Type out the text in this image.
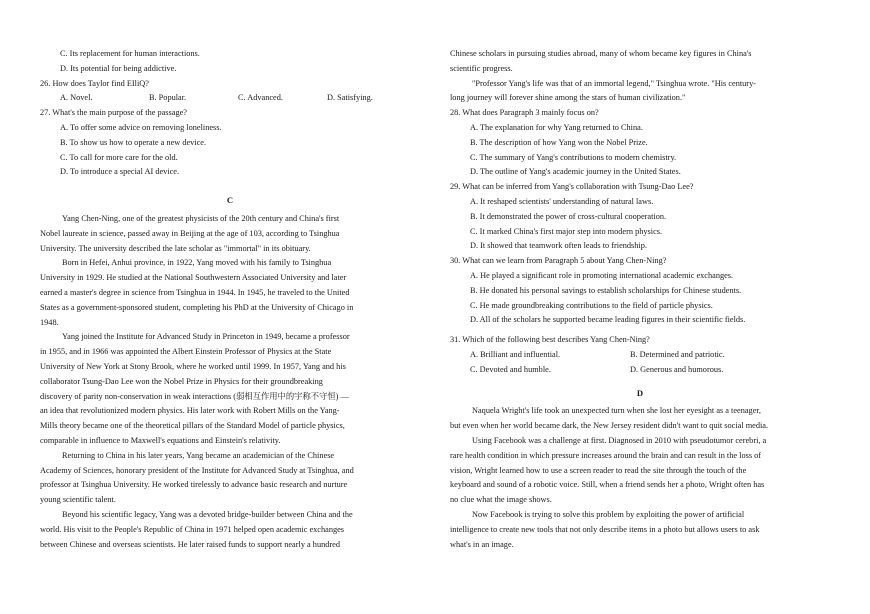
C. Its replacement for human interactions.
D. Its potential for being addictive.
26. How does Taylor find EIliQ?
A. Novel.	B. Popular.	C. Advanced.	D. Satisfying.
27. What's the main purpose of the passage?
A. To offer some advice on removing loneliness.
B. To show us how to operate a new device.
C. To call for more care for the old.
D. To introduce a special AI device.
C
Yang Chen-Ning, one of the greatest physicists of the 20th century and China's first
Nobel laureate in science, passed away in Beijing at the age of 103, according to Tsinghua
University. The university described the late scholar as "immortal" in its obituary.
Born in Hefei, Anhui province, in 1922, Yang moved with his family to Tsinghua
University in 1929. He studied at the National Southwestern Associated University and later
earned a master's degree in science from Tsinghua in 1944. In 1945, he traveled to the United
States as a government-sponsored student, completing his PhD at the University of Chicago in
1948.
Yang joined the Institute for Advanced Study in Princeton in 1949, became a professor
in 1955, and in 1966 was appointed the Albert Einstein Professor of Physics at the State
University of New York at Stony Brook, where he worked until 1999. In 1957, Yang and his
collaborator Tsung-Dao Lee won the Nobel Prize in Physics for their groundbreaking
discovery of parity non-conservation in weak interactions (弱相互作用中的宇称不守恒) —
an idea that revolutionized modern physics. His later work with Robert Mills on the Yang-
Mills theory became one of the theoretical pillars of the Standard Model of particle physics,
comparable in influence to Maxwell's equations and Einstein's relativity.
Returning to China in his later years, Yang became an academician of the Chinese
Academy of Sciences, honorary president of the Institute for Advanced Study at Tsinghua, and
professor at Tsinghua University. He worked tirelessly to advance basic research and nurture
young scientific talent.
Beyond his scientific legacy, Yang was a devoted bridge-builder between China and the
world. His visit to the People's Republic of China in 1971 helped open academic exchanges
between Chinese and overseas scientists. He later raised funds to support nearly a hundred
Chinese scholars in pursuing studies abroad, many of whom became key figures in China's
scientific progress.
"Professor Yang's life was that of an immortal legend," Tsinghua wrote. "His century-
long journey will forever shine among the stars of human civilization."
28. What does Paragraph 3 mainly focus on?
A. The explanation for why Yang returned to China.
B. The description of how Yang won the Nobel Prize.
C. The summary of Yang's contributions to modern chemistry.
D. The outline of Yang's academic journey in the United States.
29. What can be inferred from Yang's collaboration with Tsung-Dao Lee?
A. It reshaped scientists' understanding of natural laws.
B. It demonstrated the power of cross-cultural cooperation.
C. It marked China's first major step into modern physics.
D. It showed that teamwork often leads to friendship.
30. What can we learn from Paragraph 5 about Yang Chen-Ning?
A. He played a significant role in promoting international academic exchanges.
B. He donated his personal savings to establish scholarships for Chinese students.
C. He made groundbreaking contributions to the field of particle physics.
D. All of the scholars he supported became leading figures in their scientific fields.
31. Which of the following best describes Yang Chen-Ning?
A. Brilliant and influential.	B. Determined and patriotic.
C. Devoted and humble.	D. Generous and humorous.
D
Naquela Wright's life took an unexpected turn when she lost her eyesight as a teenager,
but even when her world became dark, the New Jersey resident didn't want to quit social media.
Using Facebook was a challenge at first. Diagnosed in 2010 with pseudotumor cerebri, a
rare health condition in which pressure increases around the brain and can result in the loss of
vision, Wright learned how to use a screen reader to read the site through the touch of the
keyboard and sound of a robotic voice. Still, when a friend sends her a photo, Wright often has
no clue what the image shows.
Now Facebook is trying to solve this problem by exploiting the power of artificial
intelligence to create new tools that not only describe items in a photo but allows users to ask
what's in an image.
